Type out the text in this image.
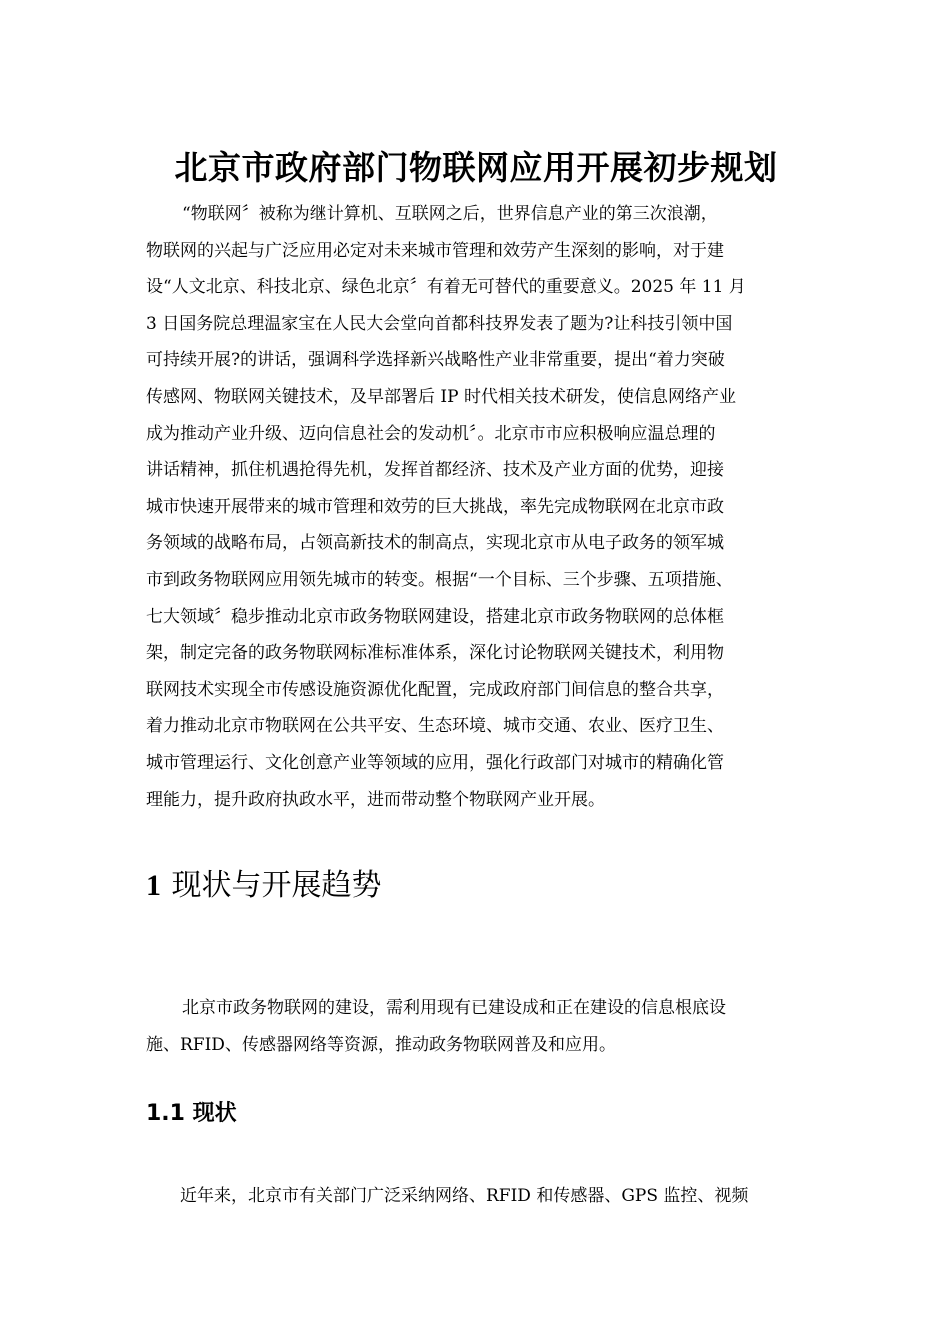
北京市政府部门物联网应用开展初步规划
“物联网〞被称为继计算机、互联网之后，世界信息产业的第三次浪潮，
物联网的兴起与广泛应用必定对未来城市管理和效劳产生深刻的影响，对于建
设“人文北京、科技北京、绿色北京〞有着无可替代的重要意义。2025 年 11 月
3 日国务院总理温家宝在人民大会堂向首都科技界发表了题为?让科技引领中国
可持续开展?的讲话，强调科学选择新兴战略性产业非常重要，提出“着力突破
传感网、物联网关键技术，及早部署后 IP 时代相关技术研发，使信息网络产业
成为推动产业升级、迈向信息社会的发动机〞。北京市市应积极响应温总理的
讲话精神，抓住机遇抢得先机，发挥首都经济、技术及产业方面的优势，迎接
城市快速开展带来的城市管理和效劳的巨大挑战，率先完成物联网在北京市政
务领域的战略布局，占领高新技术的制高点，实现北京市从电子政务的领军城
市到政务物联网应用领先城市的转变。根据“一个目标、三个步骤、五项措施、
七大领域〞稳步推动北京市政务物联网建设，搭建北京市政务物联网的总体框
架，制定完备的政务物联网标准标准体系，深化讨论物联网关键技术，利用物
联网技术实现全市传感设施资源优化配置，完成政府部门间信息的整合共享，
着力推动北京市物联网在公共平安、生态环境、城市交通、农业、医疗卫生、
城市管理运行、文化创意产业等领域的应用，强化行政部门对城市的精确化管
理能力，提升政府执政水平，进而带动整个物联网产业开展。
1 现状与开展趋势
北京市政务物联网的建设，需利用现有已建设成和正在建设的信息根底设
施、RFID、传感器网络等资源，推动政务物联网普及和应用。
1.1 现状
近年来，北京市有关部门广泛采纳网络、RFID 和传感器、GPS 监控、视频
